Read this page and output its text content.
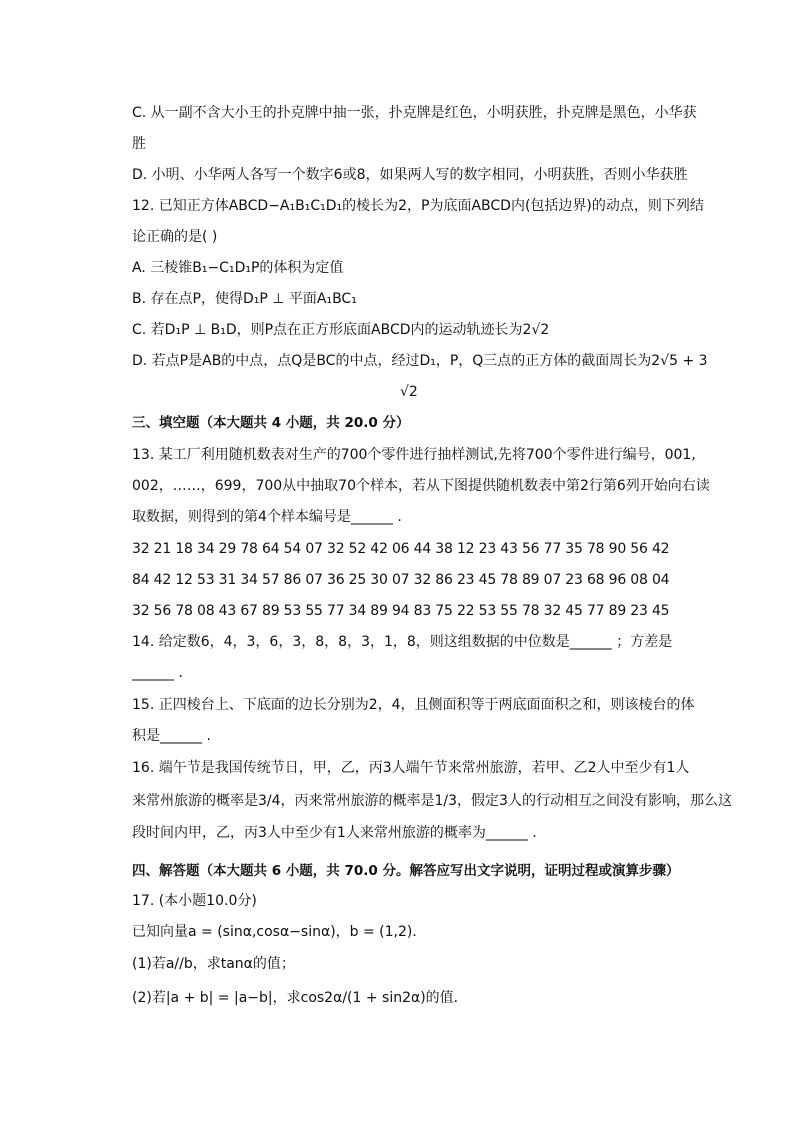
C. 从一副不含大小王的扑克牌中抽一张，扑克牌是红色，小明获胜，扑克牌是黑色，小华获
胜
D. 小明、小华两人各写一个数字6或8，如果两人写的数字相同，小明获胜，否则小华获胜
12. 已知正方体ABCD−A₁B₁C₁D₁的棱长为2，P为底面ABCD内(包括边界)的动点，则下列结
论正确的是( )
A. 三棱锥B₁−C₁D₁P的体积为定值
B. 存在点P，使得D₁P ⊥ 平面A₁BC₁
C. 若D₁P ⊥ B₁D，则P点在正方形底面ABCD内的运动轨迹长为2√2
D. 若点P是AB的中点，点Q是BC的中点，经过D₁，P，Q三点的正方体的截面周长为2√5 + 3
√2
三、填空题（本大题共 4 小题，共 20.0 分）
13. 某工厂利用随机数表对生产的700个零件进行抽样测试,先将700个零件进行编号，001,
002，……，699，700从中抽取70个样本，若从下图提供随机数表中第2行第6列开始向右读
取数据，则得到的第4个样本编号是______ .
32 21 18 34 29 78 64 54 07 32 52 42 06 44 38 12 23 43 56 77 35 78 90 56 42
84 42 12 53 31 34 57 86 07 36 25 30 07 32 86 23 45 78 89 07 23 68 96 08 04
32 56 78 08 43 67 89 53 55 77 34 89 94 83 75 22 53 55 78 32 45 77 89 23 45
14. 给定数6，4，3，6，3，8，8，3，1，8，则这组数据的中位数是______ ；方差是
______ .
15. 正四棱台上、下底面的边长分别为2，4，且侧面积等于两底面面积之和，则该棱台的体
积是______ .
16. 端午节是我国传统节日，甲，乙，丙3人端午节来常州旅游，若甲、乙2人中至少有1人
来常州旅游的概率是3/4，丙来常州旅游的概率是1/3，假定3人的行动相互之间没有影响，那么这
段时间内甲，乙，丙3人中至少有1人来常州旅游的概率为______ .
四、解答题（本大题共 6 小题，共 70.0 分。解答应写出文字说明，证明过程或演算步骤）
17. (本小题10.0分)
已知向量a = (sinα,cosα−sinα)，b = (1,2)．
(1)若a//b，求tanα的值；
(2)若|a + b| = |a−b|，求cos2α/(1 + sin2α)的值．
